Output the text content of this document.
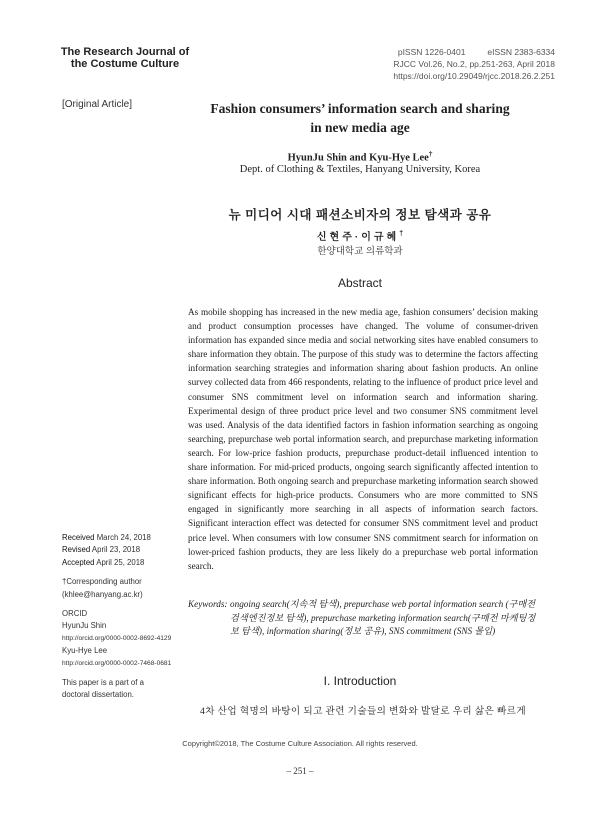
The Research Journal of
the Costume Culture
pISSN 1226-0401	eISSN 2383-6334
RJCC Vol.26, No.2, pp.251-263, April 2018
https://doi.org/10.29049/rjcc.2018.26.2.251
[Original Article]	Fashion consumers’ information search and sharing
in new media age
HyunJu Shin and Kyu-Hye Lee†
Dept. of Clothing & Textiles, Hanyang University, Korea
뉴 미디어 시대 패션소비자의 정보 탐색과 공유
신현주·이규혜†
한양대학교 의류학과
Abstract
As mobile shopping has increased in the new media age, fashion consumers’ decision making and product consumption processes have changed. The volume of consumer-driven information has expanded since media and social networking sites have enabled consumers to share information they obtain. The purpose of this study was to determine the factors affecting information searching strategies and information sharing about fashion products. An online survey collected data from 466 respondents, relating to the influence of product price level and consumer SNS commitment level on information search and information sharing. Experimental design of three product price level and two consumer SNS commitment level was used. Analysis of the data identified factors in fashion information searching as ongoing searching, prepurchase web portal information search, and prepurchase marketing information search. For low-price fashion products, prepurchase product-detail influenced intention to share information. For mid-priced products, ongoing search significantly affected intention to share information. Both ongoing search and prepurchase marketing information search showed significant effects for high-price products. Consumers who are more committed to SNS engaged in significantly more searching in all aspects of information search factors. Significant interaction effect was detected for consumer SNS commitment level and product price level. When consumers with low consumer SNS commitment search for information on lower-priced fashion products, they are less likely do a prepurchase web portal information search.
Keywords: ongoing search(지속적 탐색), prepurchase web portal information search (구매전 검색엔진정보 탐색), prepurchase marketing information search(구매전 마케팅정보 탐색), information sharing(정보 공유), SNS commitment (SNS 몰입)
Received March 24, 2018
Revised April 23, 2018
Accepted April 25, 2018
†Corresponding author
(khlee@hanyang.ac.kr)
ORCID
HyunJu Shin
http://orcid.org/0000-0002-8692-4129
Kyu-Hye Lee
http://orcid.org/0000-0002-7468-0681
This paper is a part of a
doctoral dissertation.
I. Introduction
4차 산업 혁명의 바탕이 되고 관련 기술들의 변화와 발달로 우리 삶은 빠르게
Copyright©2018, The Costume Culture Association. All rights reserved.
– 251 –
